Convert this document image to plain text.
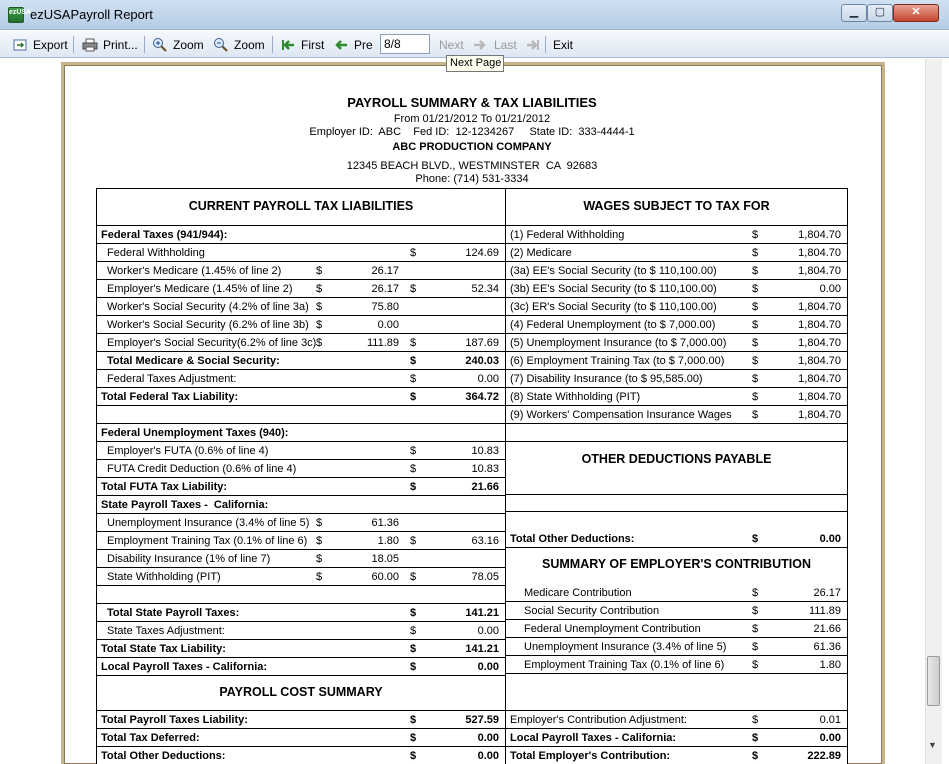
ezUSA
ezUSAPayroll Report	▁	▢	✕
Export	Print...	Zoom	Zoom	First Pre	Next	Last	Exit
8/8
Next Page
▼
PAYROLL SUMMARY & TAX LIABILITIES
From 01/21/2012 To 01/21/2012
Employer ID:  ABC    Fed ID:  12-1234267     State ID:  333-4444-1
ABC PRODUCTION COMPANY
12345 BEACH BLVD., WESTMINSTER  CA  92683
Phone: (714) 531-3334
CURRENT PAYROLL TAX LIABILITIES
Federal Taxes (941/944):
Federal Withholding	$	124.69
Worker's Medicare (1.45% of line 2)	$	26.17
Employer's Medicare (1.45% of line 2) $	26.17 $	52.34
Worker's Social Security (4.2% of line 3a) $	75.80
Worker's Social Security (6.2% of line 3b) $	0.00
Employer's Social Security(6.2% of line 3c) $	111.89 $	187.69
Total Medicare & Social Security:	$	240.03
Federal Taxes Adjustment:	$	0.00
Total Federal Tax Liability:	$	364.72
Federal Unemployment Taxes (940):
Employer's FUTA (0.6% of line 4)	$	10.83
FUTA Credit Deduction (0.6% of line 4)	$	10.83
Total FUTA Tax Liability:	$	21.66
State Payroll Taxes -  California:
Unemployment Insurance (3.4% of line 5) $	61.36
Employment Training Tax (0.1% of line 6) $	1.80 $	63.16
Disability Insurance (1% of line 7)	$	18.05
State Withholding (PIT)	$	60.00 $	78.05
Total State Payroll Taxes:	$	141.21
State Taxes Adjustment:	$	0.00
Total State Tax Liability:	$	141.21
Local Payroll Taxes - California:	$	0.00
PAYROLL COST SUMMARY
Total Payroll Taxes Liability:	$	527.59
Total Tax Deferred:	$	0.00
Total Other Deductions:	$	0.00
WAGES SUBJECT TO TAX FOR
(1) Federal Withholding	$	1,804.70
(2) Medicare	$	1,804.70
(3a) EE's Social Security (to $ 110,100.00)	$	1,804.70
(3b) EE's Social Security (to $ 110,100.00)	$	0.00
(3c) ER's Social Security (to $ 110,100.00)	$	1,804.70
(4) Federal Unemployment (to $ 7,000.00)	$	1,804.70
(5) Unemployment Insurance (to $ 7,000.00) $	1,804.70
(6) Employment Training Tax (to $ 7,000.00)	$	1,804.70
(7) Disability Insurance (to $ 95,585.00)	$	1,804.70
(8) State Withholding (PIT)	$	1,804.70
(9) Workers' Compensation Insurance Wages $	1,804.70
OTHER DEDUCTIONS PAYABLE
Total Other Deductions:	$	0.00
SUMMARY OF EMPLOYER'S CONTRIBUTION
Medicare Contribution	$	26.17
Social Security Contribution	$	111.89
Federal Unemployment Contribution	$	21.66
Unemployment Insurance (3.4% of line 5) $	61.36
Employment Training Tax (0.1% of line 6)	$	1.80
Employer's Contribution Adjustment:	$	0.01
Local Payroll Taxes - California:	$	0.00
Total Employer's Contribution:	$	222.89
